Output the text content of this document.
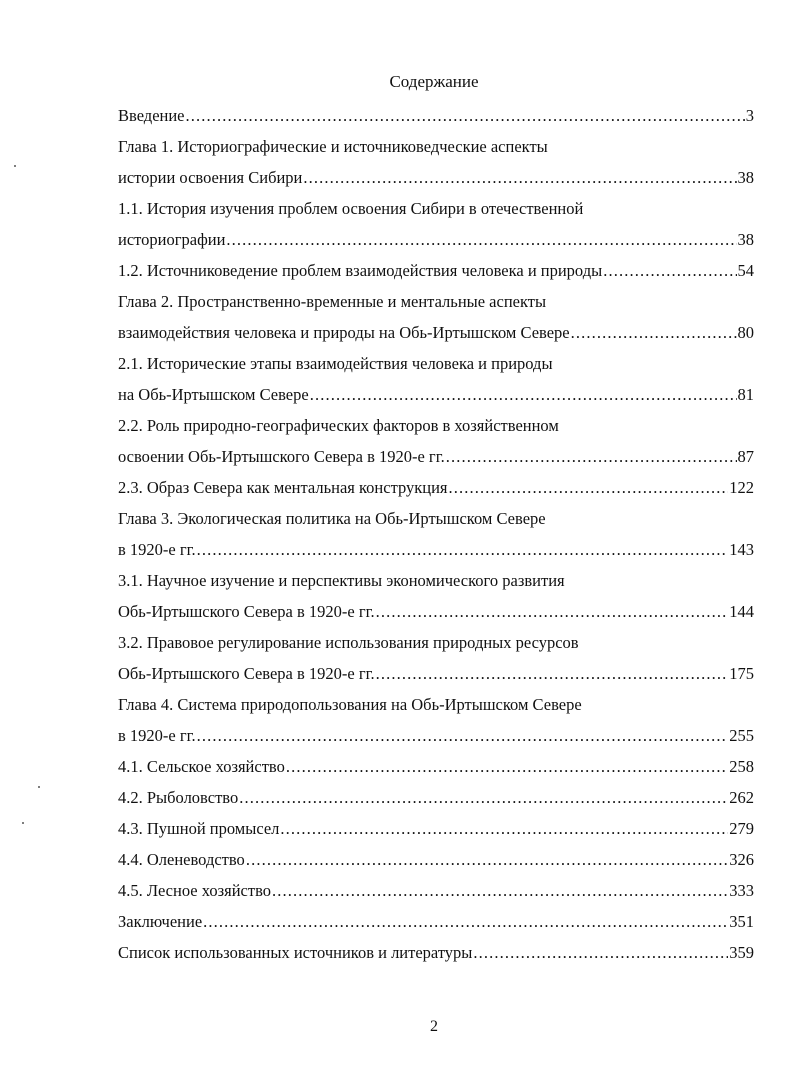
Содержание
Введение . . .	3
Глава 1. Историографические и источниковедческие аспекты
истории освоения Сибири . . .	38
1.1. История изучения проблем освоения Сибири в отечественной
историографии . . .	38
1.2. Источниковедение проблем взаимодействия человека и природы . . .	54
Глава 2. Пространственно-временные и ментальные аспекты
взаимодействия человека и природы на Обь-Иртышском Севере . . .	80
2.1. Исторические этапы взаимодействия человека и природы
на Обь-Иртышском Севере . . .	81
2.2. Роль природно-географических факторов в хозяйственном
освоении Обь-Иртышского Севера в 1920-е гг. . . .	87
2.3. Образ Севера как ментальная конструкция . . .	122
Глава 3. Экологическая политика на Обь-Иртышском Севере
в 1920-е гг. . . .	143
3.1. Научное изучение и перспективы экономического развития
Обь-Иртышского Севера в 1920-е гг. . . .	144
3.2. Правовое регулирование использования природных ресурсов
Обь-Иртышского Севера в 1920-е гг. . . .	175
Глава 4. Система природопользования на Обь-Иртышском Севере
в 1920-е гг. . . .	255
4.1. Сельское хозяйство . . .	258
4.2. Рыболовство . . .	262
4.3. Пушной промысел . . .	279
4.4. Оленеводство . . .	326
4.5. Лесное хозяйство . . .	333
Заключение . . .	351
Список использованных источников и литературы . . .	359
2
